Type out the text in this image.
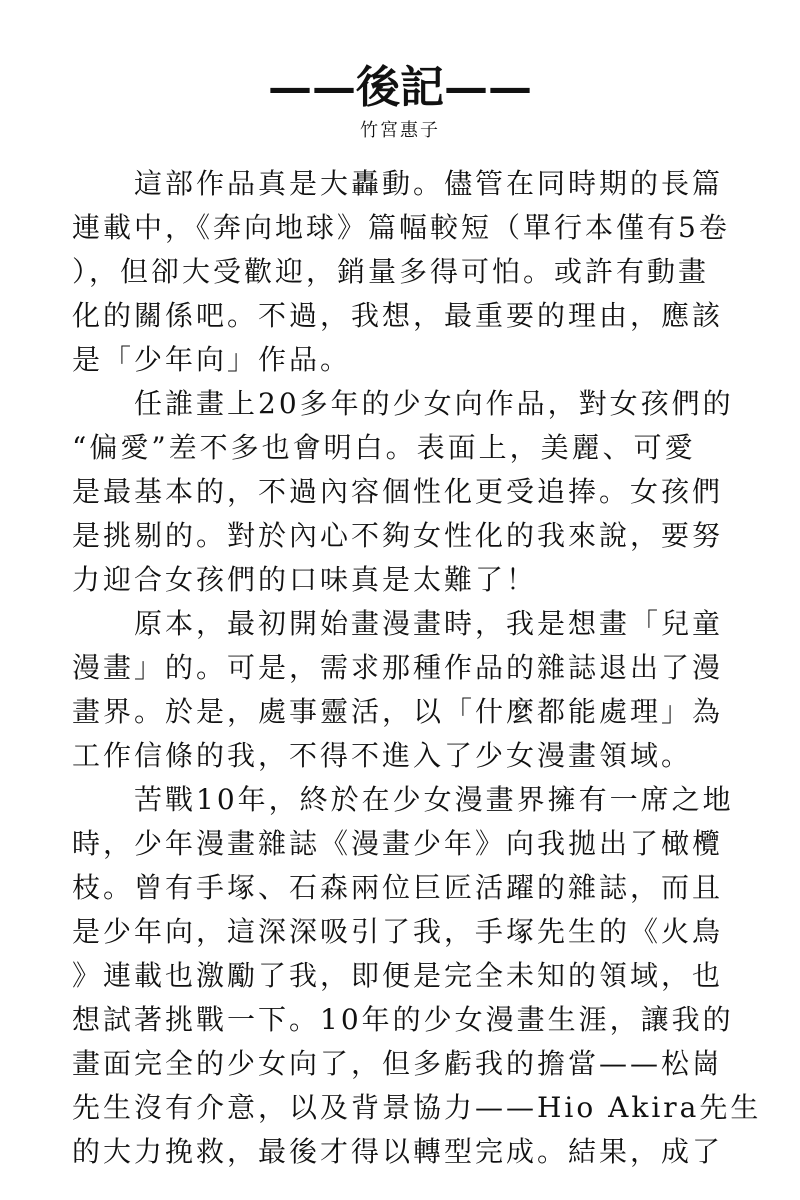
——後記——
竹宮惠子
這部作品真是大轟動。儘管在同時期的長篇
連載中，《奔向地球》篇幅較短（單行本僅有5卷
），但卻大受歡迎，銷量多得可怕。或許有動畫
化的關係吧。不過，我想，最重要的理由，應該
是「少年向」作品。
任誰畫上20多年的少女向作品，對女孩們的
“偏愛”差不多也會明白。表面上，美麗、可愛
是最基本的，不過內容個性化更受追捧。女孩們
是挑剔的。對於內心不夠女性化的我來說，要努
力迎合女孩們的口味真是太難了！
原本，最初開始畫漫畫時，我是想畫「兒童
漫畫」的。可是，需求那種作品的雜誌退出了漫
畫界。於是，處事靈活，以「什麼都能處理」為
工作信條的我，不得不進入了少女漫畫領域。
苦戰10年，終於在少女漫畫界擁有一席之地
時，少年漫畫雜誌《漫畫少年》向我拋出了橄欖
枝。曾有手塚、石森兩位巨匠活躍的雜誌，而且
是少年向，這深深吸引了我，手塚先生的《火鳥
》連載也激勵了我，即便是完全未知的領域，也
想試著挑戰一下。10年的少女漫畫生涯，讓我的
畫面完全的少女向了，但多虧我的擔當——松崗
先生沒有介意，以及背景協力——Hio Akira先生
的大力挽救，最後才得以轉型完成。結果，成了
